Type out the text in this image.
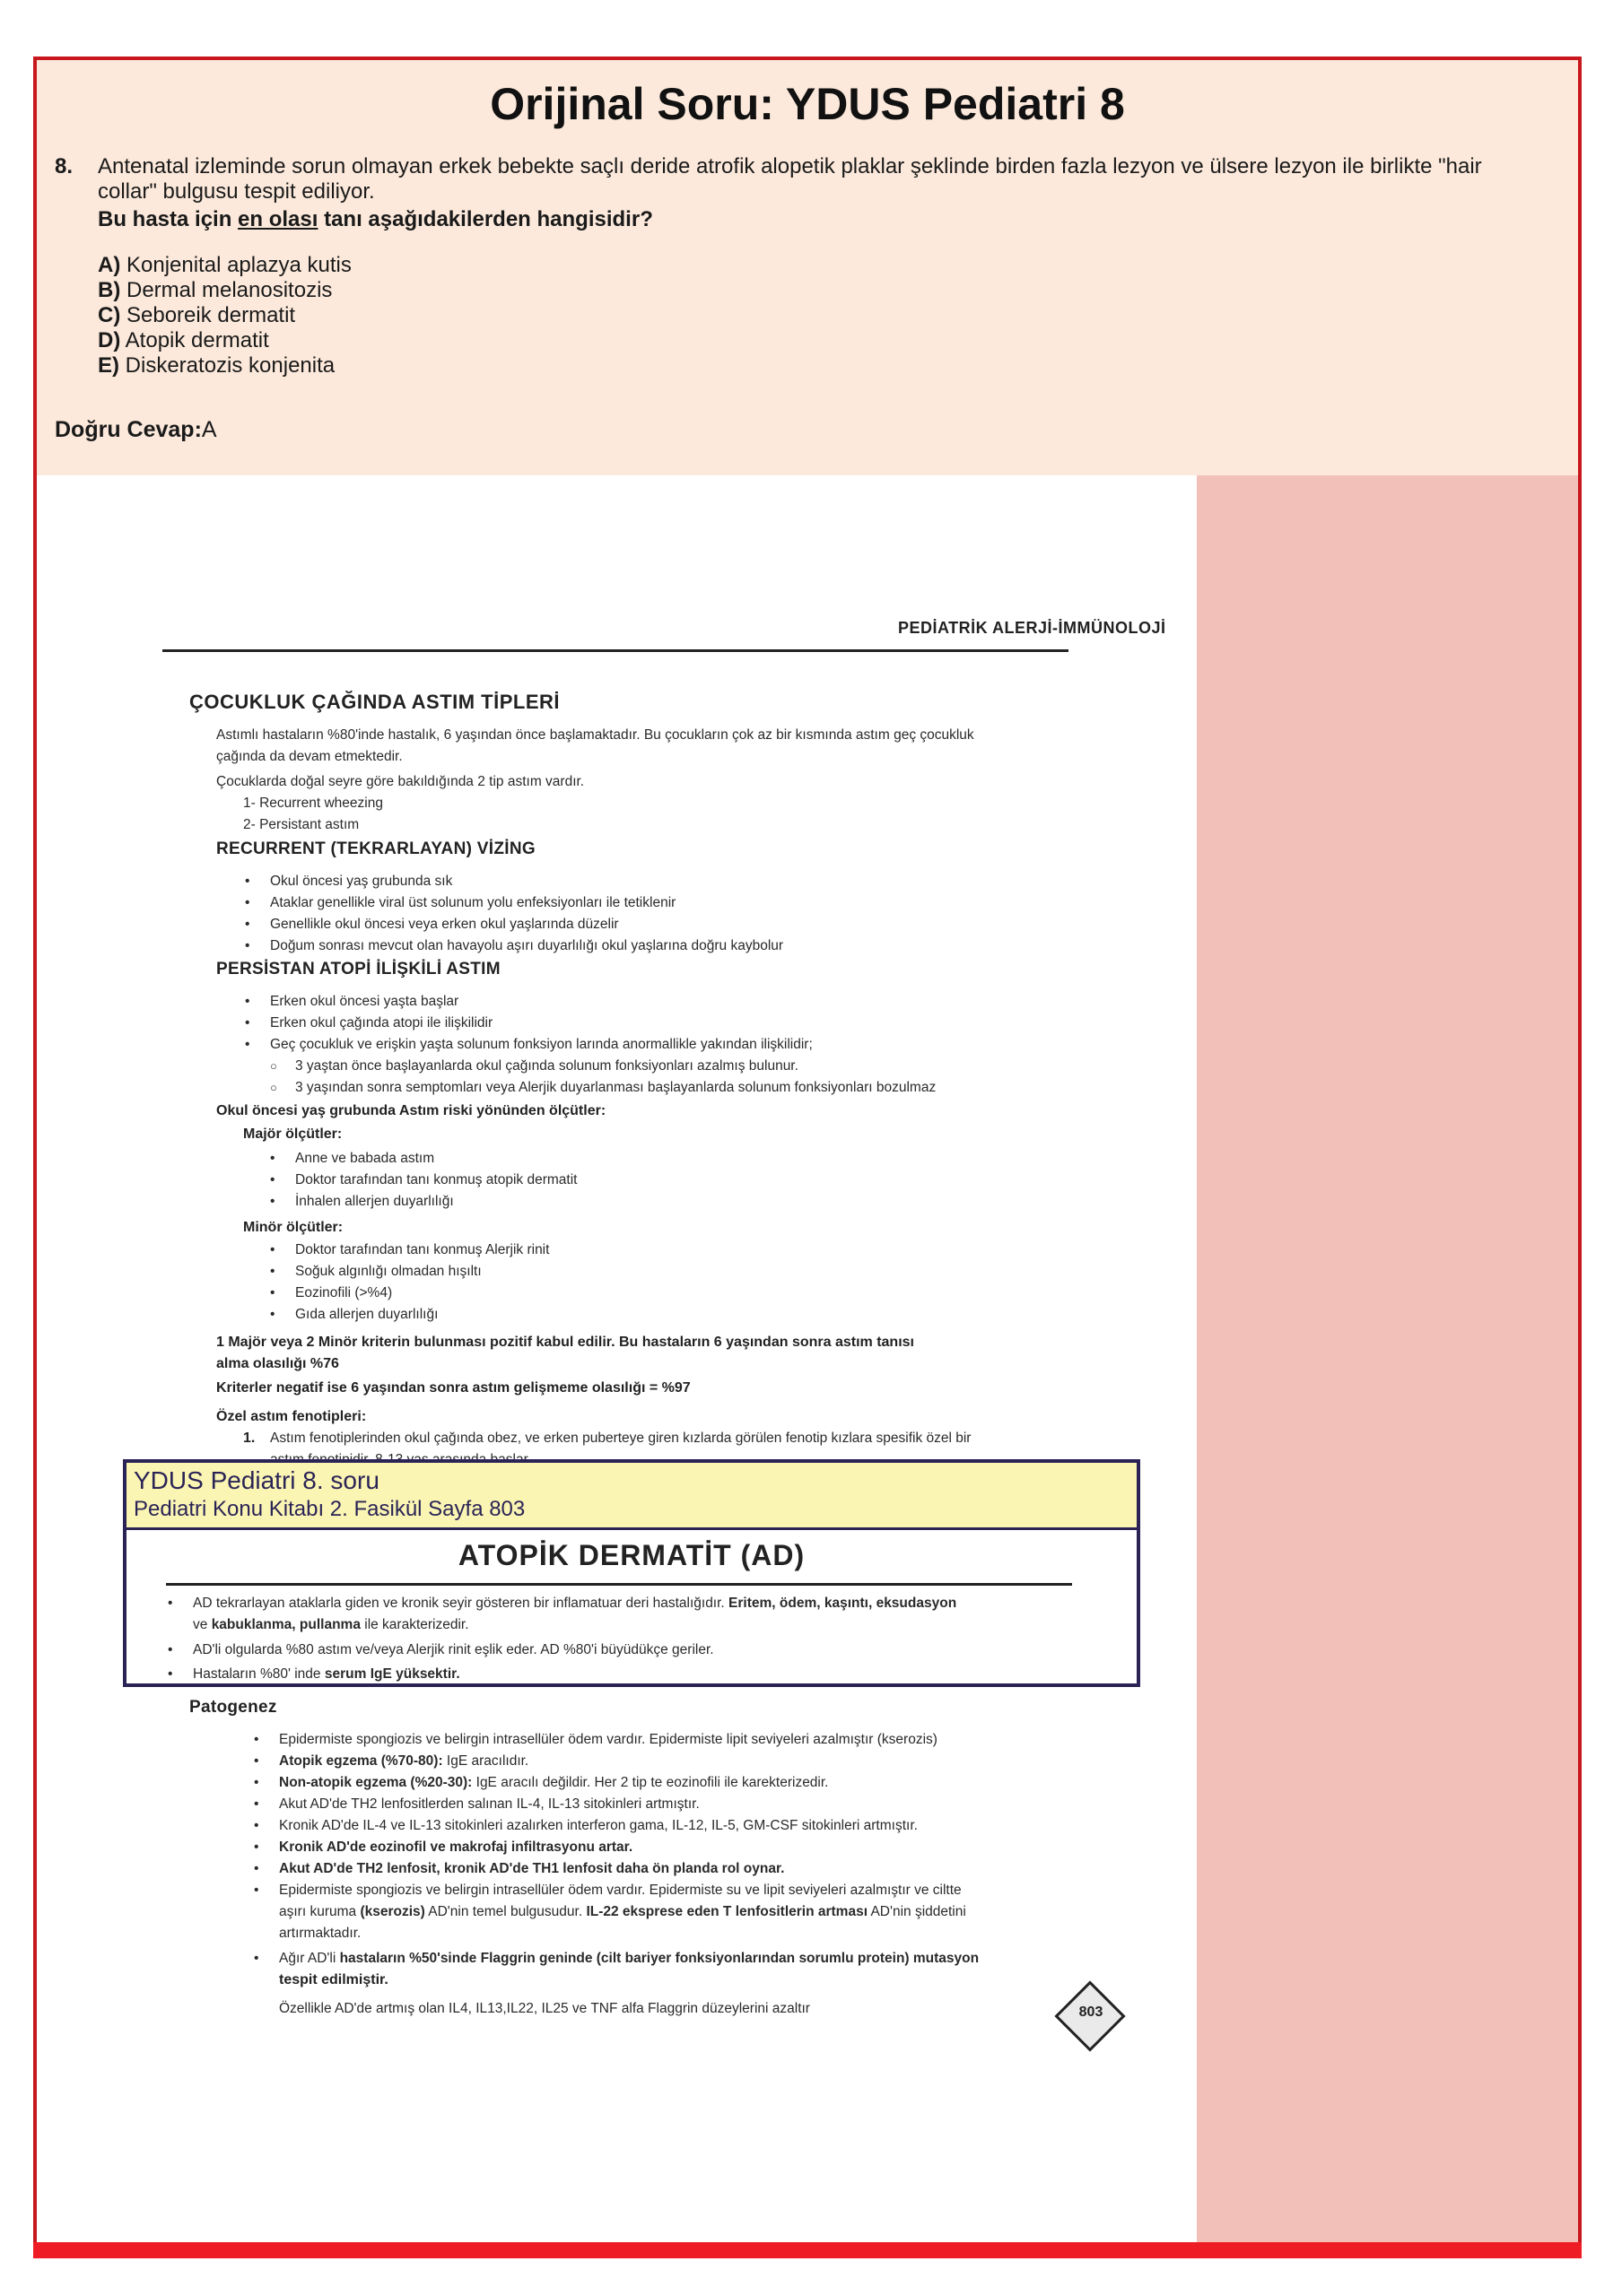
Orijinal Soru: YDUS Pediatri 8
8. Antenatal izleminde sorun olmayan erkek bebekte saçlı deride atrofik alopetik plaklar şeklinde birden fazla lezyon ve ülsere lezyon ile birlikte "hair collar" bulgusu tespit ediliyor.
Bu hasta için en olası tanı aşağıdakilerden hangisidir?
A) Konjenital aplazya kutis
B) Dermal melanositozis
C) Seboreik dermatit
D) Atopik dermatit
E) Diskeratozis konjenita
Doğru Cevap:A
PEDİATRİK ALERJİ-İMMÜNOLOJİ
ÇOCUKLUK ÇAĞINDA ASTIM TİPLERİ
Astımlı hastaların %80'inde hastalık, 6 yaşından önce başlamaktadır. Bu çocukların çok az bir kısmında astım geç çocukluk
çağında da devam etmektedir.
Çocuklarda doğal seyre göre bakıldığında 2 tip astım vardır.
1- Recurrent wheezing
2- Persistant astım
RECURRENT (TEKRARLAYAN) VİZİNG
• Okul öncesi yaş grubunda sık
• Ataklar genellikle viral üst solunum yolu enfeksiyonları ile tetiklenir
• Genellikle okul öncesi veya erken okul yaşlarında düzelir
• Doğum sonrası mevcut olan havayolu aşırı duyarlılığı okul yaşlarına doğru kaybolur
PERSİSTAN ATOPİ İLİŞKİLİ ASTIM
• Erken okul öncesi yaşta başlar
• Erken okul çağında atopi ile ilişkilidir
• Geç çocukluk ve erişkin yaşta solunum fonksiyon larında anormallikle yakından ilişkilidir;
○ 3 yaştan önce başlayanlarda okul çağında solunum fonksiyonları azalmış bulunur.
○ 3 yaşından sonra semptomları veya Alerjik duyarlanması başlayanlarda solunum fonksiyonları bozulmaz
Okul öncesi yaş grubunda Astım riski yönünden ölçütler:
Majör ölçütler:
• Anne ve babada astım
• Doktor tarafından tanı konmuş atopik dermatit
• İnhalen allerjen duyarlılığı
Minör ölçütler:
• Doktor tarafından tanı konmuş Alerjik rinit
• Soğuk algınlığı olmadan hışıltı
• Eozinofili (>%4)
• Gıda allerjen duyarlılığı
1 Majör veya 2 Minör kriterin bulunması pozitif kabul edilir. Bu hastaların 6 yaşından sonra astım tanısı
alma olasılığı %76
Kriterler negatif ise 6 yaşından sonra astım gelişmeme olasılığı = %97
Özel astım fenotipleri:
1. Astım fenotiplerinden okul çağında obez, ve erken puberteye giren kızlarda görülen fenotip kızlara spesifik özel bir
YDUS Pediatri 8. soru
Pediatri Konu Kitabı 2. Fasikül Sayfa 803
ATOPİK DERMATİT (AD)
• AD tekrarlayan ataklarla giden ve kronik seyir gösteren bir inflamatuar deri hastalığıdır. Eritem, ödem, kaşıntı, eksudasyon
ve kabuklanma, pullanma ile karakterizedir.
• AD'li olgularda %80 astım ve/veya Alerjik rinit eşlik eder. AD %80'i büyüdükçe geriler.
• Hastaların %80' inde serum IgE yüksektir.
Patogenez
• Epidermiste spongiozis ve belirgin intrasellüler ödem vardır. Epidermiste lipit seviyeleri azalmıştır (kserozis)
• Atopik egzema (%70-80): IgE aracılıdır.
• Non-atopik egzema (%20-30): IgE aracılı değildir. Her 2 tip te eozinofili ile karekterizedir.
• Akut AD'de TH2 lenfositlerden salınan IL-4, IL-13 sitokinleri artmıştır.
• Kronik AD'de IL-4 ve IL-13 sitokinleri azalırken interferon gama, IL-12, IL-5, GM-CSF sitokinleri artmıştır.
• Kronik AD'de eozinofil ve makrofaj infiltrasyonu artar.
• Akut AD'de TH2 lenfosit, kronik AD'de TH1 lenfosit daha ön planda rol oynar.
• Epidermiste spongiozis ve belirgin intrasellüler ödem vardır. Epidermiste su ve lipit seviyeleri azalmıştır ve ciltte
aşırı kuruma (kserozis) AD'nin temel bulgusudur. IL-22 eksprese eden T lenfositlerin artması AD'nin şiddetini
artırmaktadır.
• Ağır AD'li hastaların %50'sinde Flaggrin geninde (cilt bariyer fonksiyonlarından sorumlu protein) mutasyon
tespit edilmiştir.
Özellikle AD'de artmış olan IL4, IL13,IL22, IL25 ve TNF alfa Flaggrin düzeylerini azaltır	803
